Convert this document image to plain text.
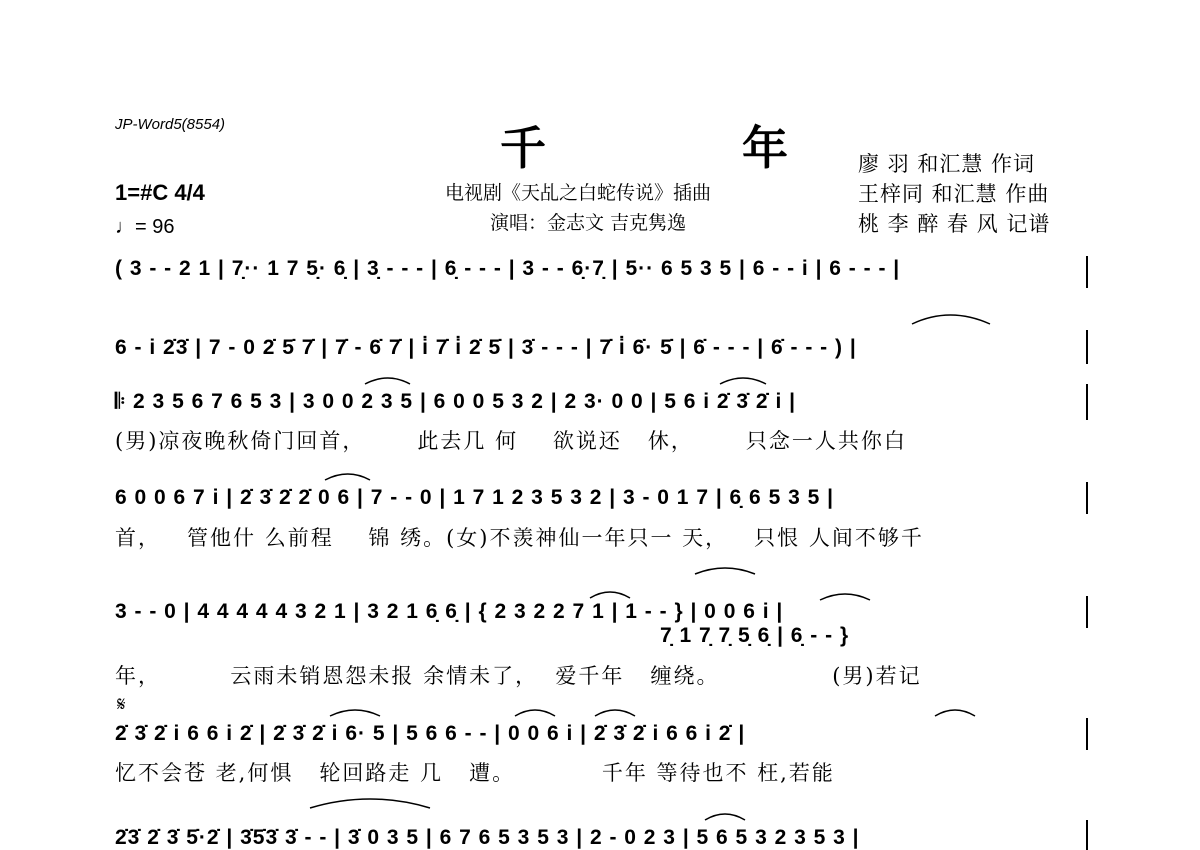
JP-Word5(8554)	千 年
电视剧《天乩之白蛇传说》插曲
演唱：金志文 吉克隽逸
廖 羽 和汇慧 作词
王梓同 和汇慧 作曲
桃 李 醉 春 风 记谱
1=#C 4/4
♩= 96
( 3 - - 2 1 | 7̣·· 1 7 5̣· 6̣ | 3̣ - - - | 6̣ - - - | 3 - - 6̣·7̣ | 5·· 6 5 3 5 | 6 - - i | 6 - - - |
6 - i 2̇3̇ | 7 - 0 2̇ 5̇ 7̇ | 7̇ - 6̇ 7̇ | i̇ 7̇ i̇ 2̇ 5̇ | 3̇ - - - | 7̇ i̇ 6̇· 5̇ | 6̇ - - - | 6̇ - - - ) |
𝄆 2 3 5 6 7 6 5 3 | 3 0 0 2 3 5 | 6 0 0 5 3 2 | 2 3· 0 0 | 5 6 i 2̇ 3̇ 2̇ i |
(男)凉夜晚秋倚门回首，      此去几 何    欲说还   休，      只念一人共你白
6 0 0 6 7 i | 2̇ 3̇ 2̇ 2̇ 0 6 | 7 - - 0 | 1 7 1 2 3 5 3 2 | 3 - 0 1 7 | 6̣ 6 5 3 5 |
首，   管他什 么前程    锦 绣。(女)不羡神仙一年只一 天，   只恨 人间不够千
3 - - 0 | 4 4 4 4 4 3 2 1 | 3 2 1 6̣ 6̣ | { 2 3 2 2 7 1 | 1 - - } | 0 0 6 i |
7̣ 1 7̣ 7̣ 5̣ 6̣ | 6̣ - - }
年，        云雨未销恩怨未报 余情未了，  爱千年   缠绕。             (男)若记
𝄋
2̇ 3̇ 2̇ i 6 6 i 2̇ | 2̇ 3̇ 2̇ i 6· 5 | 5 6 6 - - | 0 0 6 i | 2̇ 3̇ 2̇ i 6 6 i 2̇ |
忆不会苍 老,何惧   轮回路走 几   遭。          千年 等待也不 枉,若能
2̇3̇ 2̇ 3̇ 5̇·2̇ | 3̇5̇3̇ 3̇ - - | 3̇ 0 3 5 | 6 7 6 5 3 5 3 | 2 - 0 2 3 | 5 6 5 3 2 3 5 3 |
